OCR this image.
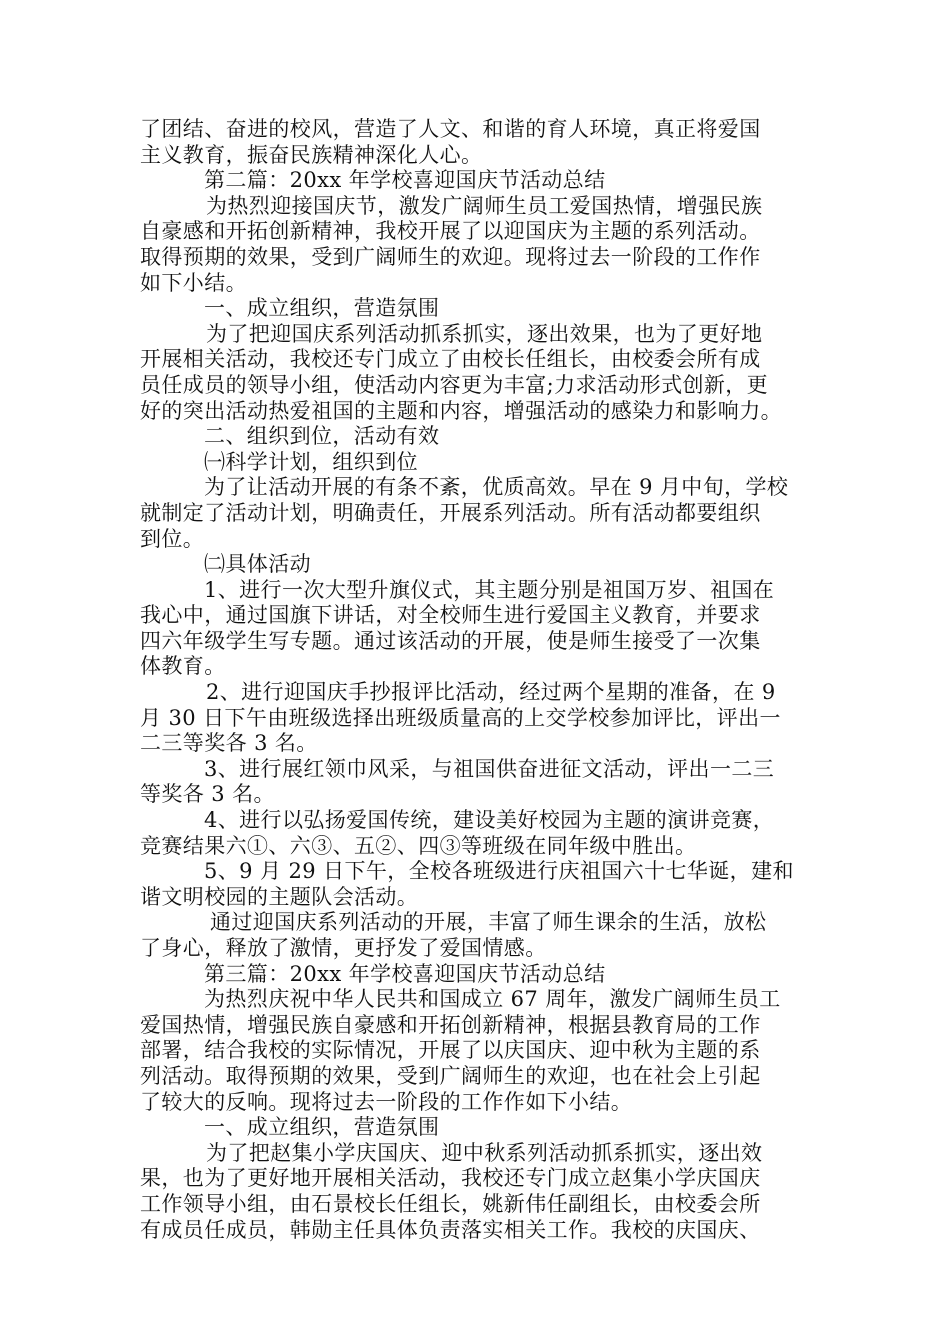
了团结、奋进的校风，营造了人文、和谐的育人环境，真正将爱国
主义教育，振奋民族精神深化人心。
第二篇：20xx 年学校喜迎国庆节活动总结
为热烈迎接国庆节，激发广阔师生员工爱国热情，增强民族
自豪感和开拓创新精神，我校开展了以迎国庆为主题的系列活动。
取得预期的效果，受到广阔师生的欢迎。现将过去一阶段的工作作
如下小结。
一、成立组织，营造氛围
为了把迎国庆系列活动抓系抓实，逐出效果，也为了更好地
开展相关活动，我校还专门成立了由校长任组长，由校委会所有成
员任成员的领导小组，使活动内容更为丰富;力求活动形式创新，更
好的突出活动热爱祖国的主题和内容，增强活动的感染力和影响力。
二、组织到位，活动有效
㈠科学计划，组织到位
为了让活动开展的有条不紊，优质高效。早在 9 月中旬，学校
就制定了活动计划，明确责任，开展系列活动。所有活动都要组织
到位。
㈡具体活动
1、进行一次大型升旗仪式，其主题分别是祖国万岁、祖国在
我心中，通过国旗下讲话，对全校师生进行爱国主义教育，并要求
四六年级学生写专题。通过该活动的开展，使是师生接受了一次集
体教育。
2、进行迎国庆手抄报评比活动，经过两个星期的准备，在 9
月 30 日下午由班级选择出班级质量高的上交学校参加评比，评出一
二三等奖各 3 名。
3、进行展红领巾风采，与祖国供奋进征文活动，评出一二三
等奖各 3 名。
4、进行以弘扬爱国传统，建设美好校园为主题的演讲竞赛，
竞赛结果六①、六③、五②、四③等班级在同年级中胜出。
5、9 月 29 日下午，全校各班级进行庆祖国六十七华诞，建和
谐文明校园的主题队会活动。
通过迎国庆系列活动的开展，丰富了师生课余的生活，放松
了身心，释放了激情，更抒发了爱国情感。
第三篇：20xx 年学校喜迎国庆节活动总结
为热烈庆祝中华人民共和国成立 67 周年，激发广阔师生员工
爱国热情，增强民族自豪感和开拓创新精神，根据县教育局的工作
部署，结合我校的实际情况，开展了以庆国庆、迎中秋为主题的系
列活动。取得预期的效果，受到广阔师生的欢迎，也在社会上引起
了较大的反响。现将过去一阶段的工作作如下小结。
一、成立组织，营造氛围
为了把赵集小学庆国庆、迎中秋系列活动抓系抓实，逐出效
果，也为了更好地开展相关活动，我校还专门成立赵集小学庆国庆
工作领导小组，由石景校长任组长，姚新伟任副组长，由校委会所
有成员任成员，韩勋主任具体负责落实相关工作。我校的庆国庆、
